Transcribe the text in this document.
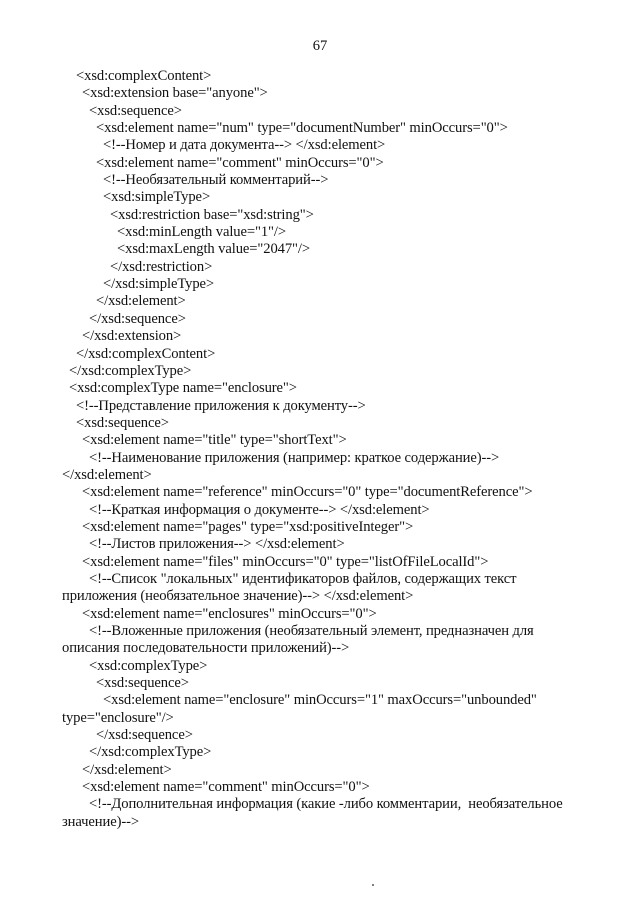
67
<xsd:complexContent>
<xsd:extension base="anyone">
<xsd:sequence>
<xsd:element name="num" type="documentNumber" minOccurs="0">
<!--Номер и дата документа--> </xsd:element>
<xsd:element name="comment" minOccurs="0">
<!--Необязательный комментарий-->
<xsd:simpleType>
<xsd:restriction base="xsd:string">
<xsd:minLength value="1"/>
<xsd:maxLength value="2047"/>
</xsd:restriction>
</xsd:simpleType>
</xsd:element>
</xsd:sequence>
</xsd:extension>
</xsd:complexContent>
</xsd:complexType>
<xsd:complexType name="enclosure">
<!--Представление приложения к документу-->
<xsd:sequence>
<xsd:element name="title" type="shortText">
<!--Наименование приложения (например: краткое содержание)-->
</xsd:element>
<xsd:element name="reference" minOccurs="0" type="documentReference">
<!--Краткая информация о документе--> </xsd:element>
<xsd:element name="pages" type="xsd:positiveInteger">
<!--Листов приложения--> </xsd:element>
<xsd:element name="files" minOccurs="0" type="listOfFileLocalId">
<!--Список "локальных" идентификаторов файлов, содержащих текст
приложения (необязательное значение)--> </xsd:element>
<xsd:element name="enclosures" minOccurs="0">
<!--Вложенные приложения (необязательный элемент, предназначен для
описания последовательности приложений)-->
<xsd:complexType>
<xsd:sequence>
<xsd:element name="enclosure" minOccurs="1" maxOccurs="unbounded"
type="enclosure"/>
</xsd:sequence>
</xsd:complexType>
</xsd:element>
<xsd:element name="comment" minOccurs="0">
<!--Дополнительная информация (какие -либо комментарии,  необязательное
значение)-->
